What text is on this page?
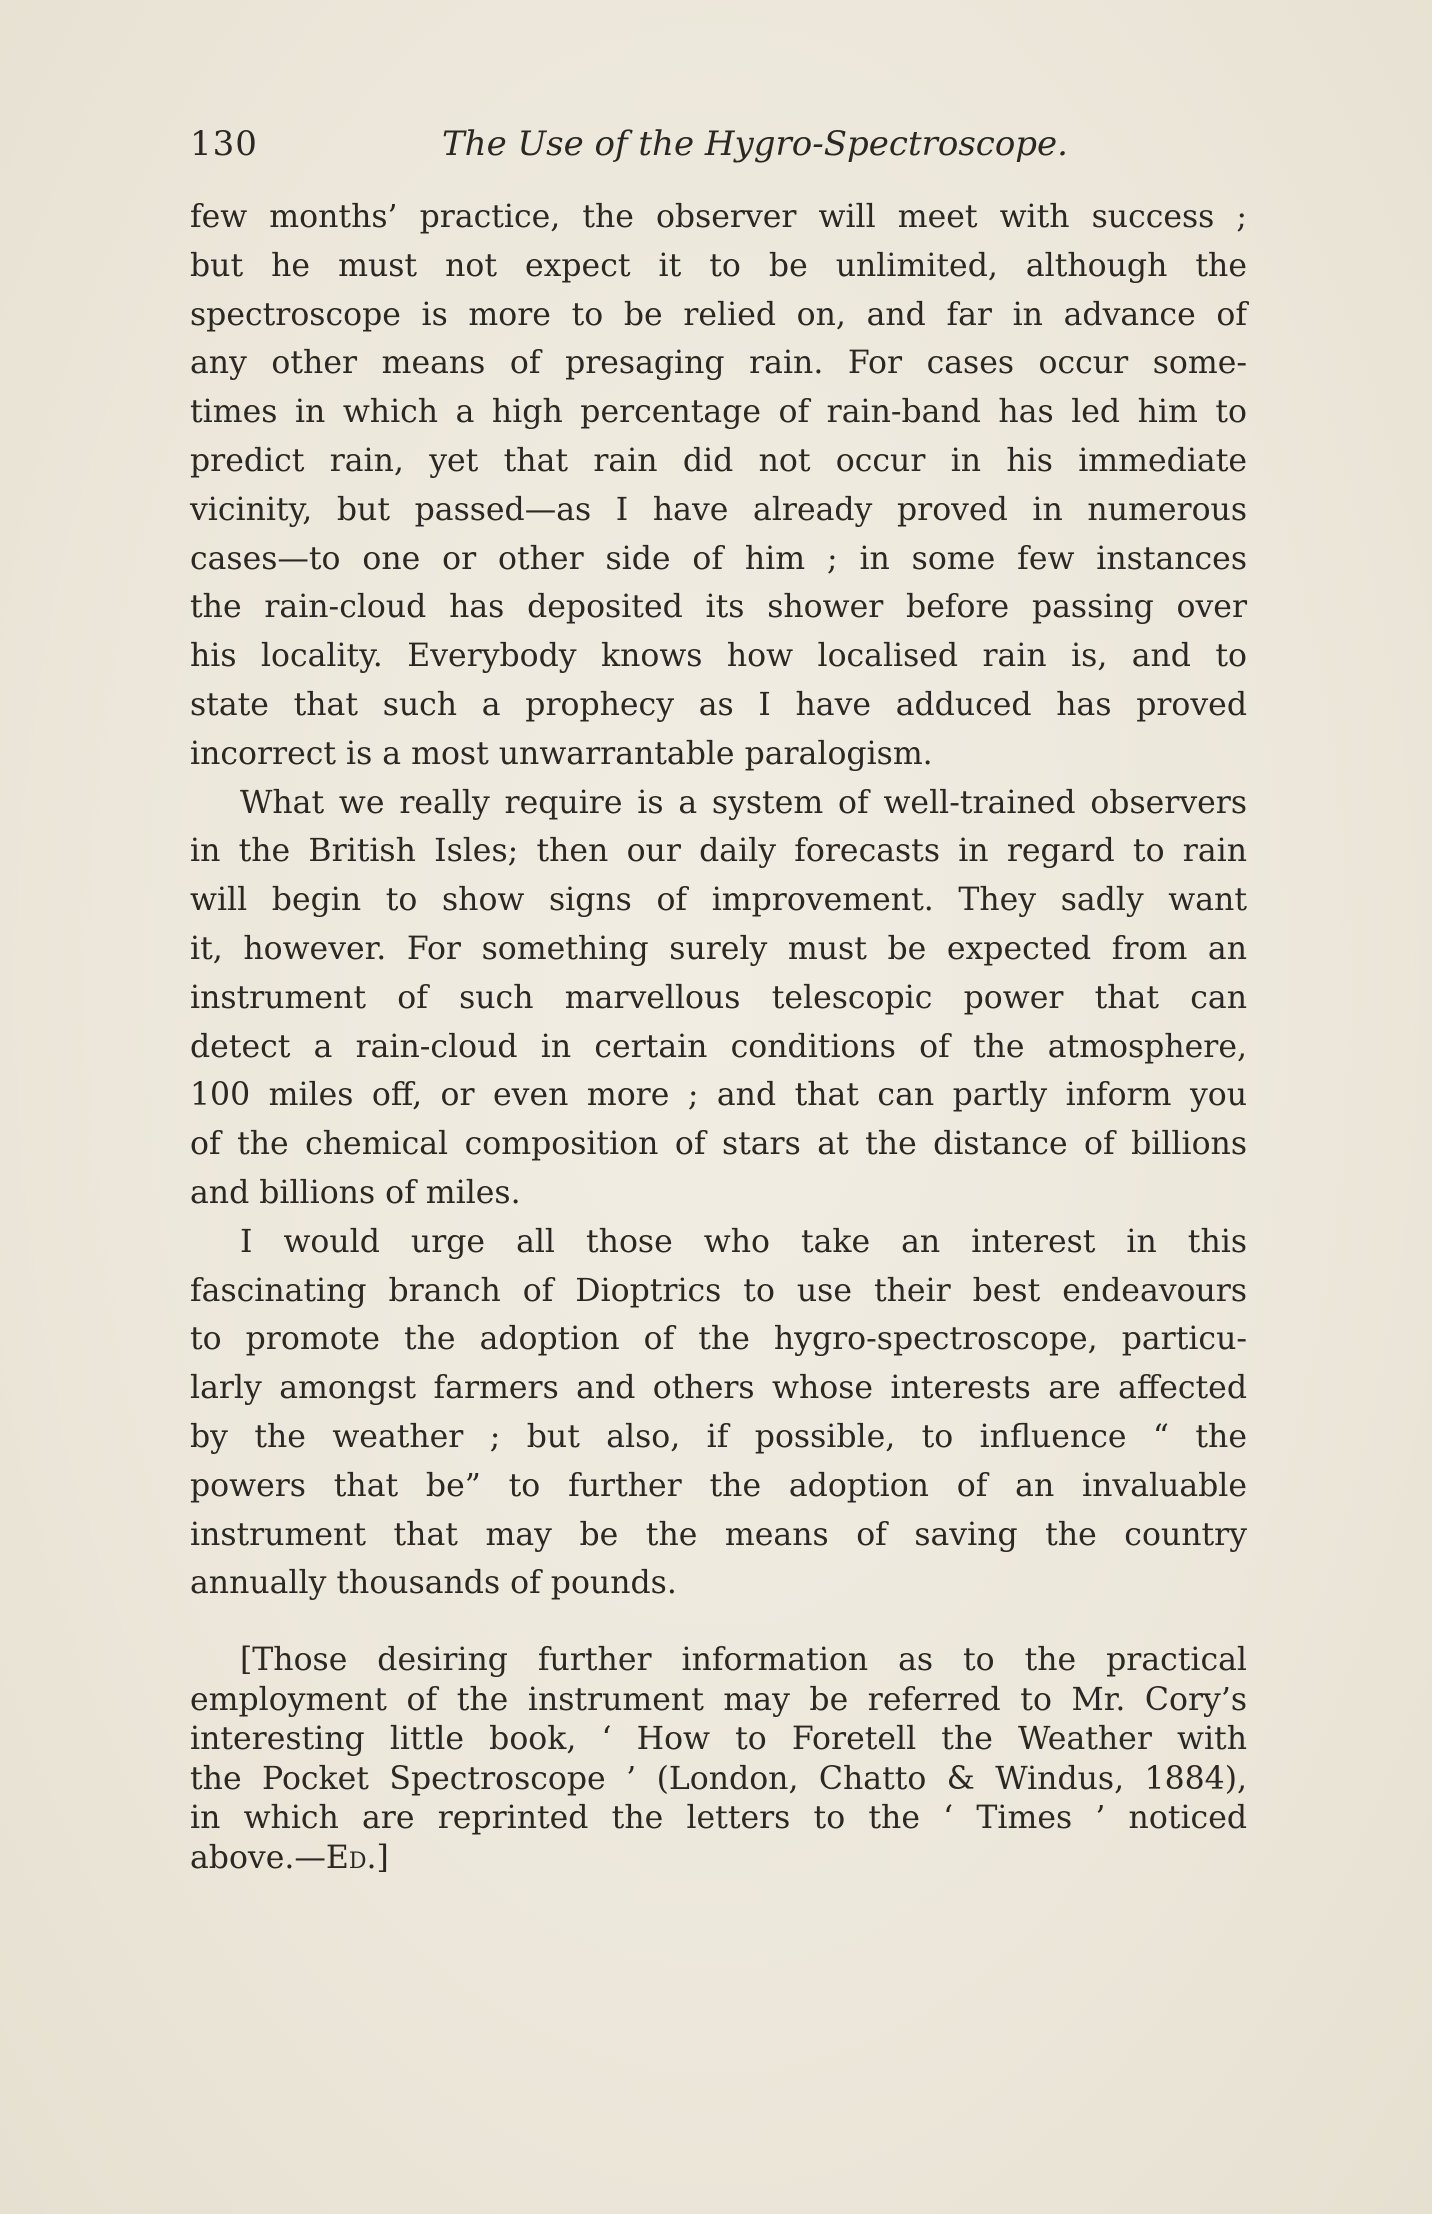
130	The Use of the Hygro-Spectroscope.

few months’ practice, the observer will meet with success ;
but he must not expect it to be unlimited, although the
spectroscope is more to be relied on, and far in advance of
any other means of presaging rain. For cases occur some-
times in which a high percentage of rain-band has led him to
predict rain, yet that rain did not occur in his immediate
vicinity, but passed—as I have already proved in numerous
cases—to one or other side of him ; in some few instances
the rain-cloud has deposited its shower before passing over
his locality. Everybody knows how localised rain is, and to
state that such a prophecy as I have adduced has proved
incorrect is a most unwarrantable paralogism.

What we really require is a system of well-trained observers
in the British Isles; then our daily forecasts in regard to rain
will begin to show signs of improvement. They sadly want
it, however. For something surely must be expected from an
instrument of such marvellous telescopic power that can
detect a rain-cloud in certain conditions of the atmosphere,
100 miles off, or even more ; and that can partly inform you
of the chemical composition of stars at the distance of billions
and billions of miles.

I would urge all those who take an interest in this
fascinating branch of Dioptrics to use their best endeavours
to promote the adoption of the hygro-spectroscope, particu-
larly amongst farmers and others whose interests are affected
by the weather ; but also, if possible, to influence “ the
powers that be” to further the adoption of an invaluable
instrument that may be the means of saving the country
annually thousands of pounds.

[Those desiring further information as to the practical
employment of the instrument may be referred to Mr. Cory’s
interesting little book, ‘ How to Foretell the Weather with
the Pocket Spectroscope ’ (London, Chatto & Windus, 1884),
in which are reprinted the letters to the ‘ Times ’ noticed
above.—Ed.]
